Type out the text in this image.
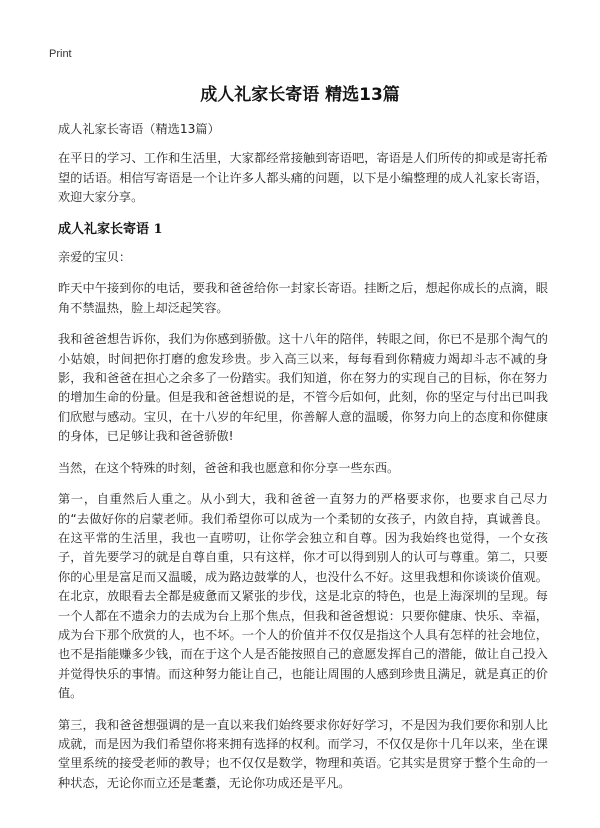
Print
成人礼家长寄语 精选13篇

成人礼家长寄语（精选13篇）

在平日的学习、工作和生活里，大家都经常接触到寄语吧，寄语是人们所传的抑或是寄托希望的话语。相信写寄语是一个让许多人都头痛的问题，以下是小编整理的成人礼家长寄语，欢迎大家分享。

成人礼家长寄语 1

亲爱的宝贝：

昨天中午接到你的电话，要我和爸爸给你一封家长寄语。挂断之后，想起你成长的点滴，眼角不禁温热，脸上却泛起笑容。

我和爸爸想告诉你，我们为你感到骄傲。这十八年的陪伴，转眼之间，你已不是那个淘气的小姑娘，时间把你打磨的愈发珍贵。步入高三以来，每每看到你精疲力竭却斗志不减的身影，我和爸爸在担心之余多了一份踏实。我们知道，你在努力的实现自己的目标，你在努力的增加生命的份量。但是我和爸爸想说的是，不管今后如何，此刻，你的坚定与付出已叫我们欣慰与感动。宝贝，在十八岁的年纪里，你善解人意的温暖，你努力向上的态度和你健康的身体，已足够让我和爸爸骄傲!

当然，在这个特殊的时刻，爸爸和我也愿意和你分享一些东西。

第一，自重然后人重之。从小到大，我和爸爸一直努力的严格要求你，也要求自己尽力的“去做好你的启蒙老师。我们希望你可以成为一个柔韧的女孩子，内敛自持，真诚善良。在这平常的生活里，我也一直唠叨，让你学会独立和自尊。因为我始终也觉得，一个女孩子，首先要学习的就是自尊自重，只有这样，你才可以得到别人的认可与尊重。第二，只要你的心里是富足而又温暖，成为路边鼓掌的人，也没什么不好。这里我想和你谈谈价值观。在北京，放眼看去全都是疲惫而又紧张的步伐，这是北京的特色，也是上海深圳的呈现。每一个人都在不遗余力的去成为台上那个焦点，但我和爸爸想说：只要你健康、快乐、幸福，成为台下那个欣赏的人，也不坏。一个人的价值并不仅仅是指这个人具有怎样的社会地位，也不是指能赚多少钱，而在于这个人是否能按照自己的意愿发挥自己的潜能，做让自己投入并觉得快乐的事情。而这种努力能让自己，也能让周围的人感到珍贵且满足，就是真正的价值。

第三，我和爸爸想强调的是一直以来我们始终要求你好好学习，不是因为我们要你和别人比成就，而是因为我们希望你将来拥有选择的权利。而学习，不仅仅是你十几年以来，坐在课堂里系统的接受老师的教导；也不仅仅是数学，物理和英语。它其实是贯穿于整个生命的一种状态，无论你而立还是耄耋，无论你功成还是平凡。
